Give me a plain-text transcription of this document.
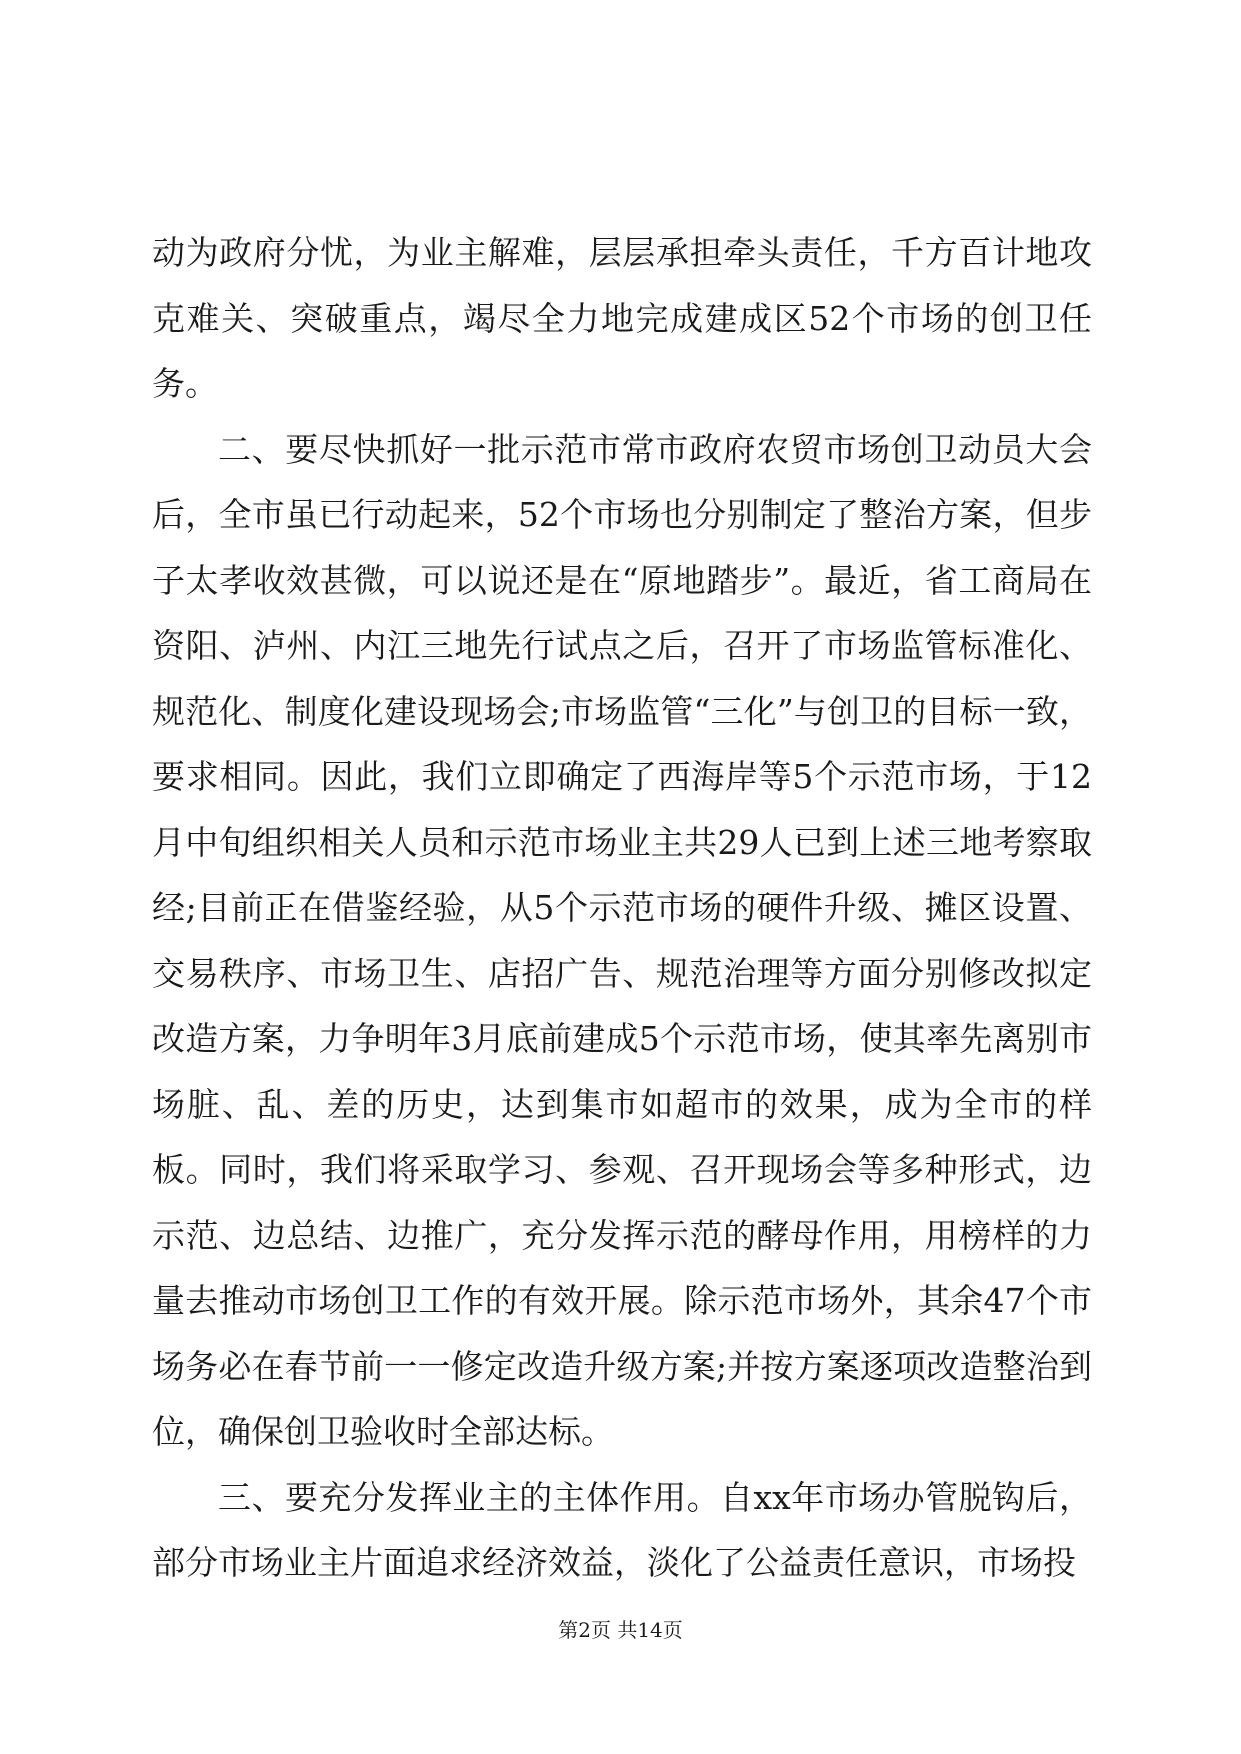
动为政府分忧，为业主解难，层层承担牵头责任，千方百计地攻克难关、突破重点，竭尽全力地完成建成区52个市场的创卫任务。

二、要尽快抓好一批示范市常市政府农贸市场创卫动员大会后，全市虽已行动起来，52个市场也分别制定了整治方案，但步子太孝收效甚微，可以说还是在“原地踏步”。最近，省工商局在资阳、泸州、内江三地先行试点之后，召开了市场监管标准化、规范化、制度化建设现场会;市场监管“三化”与创卫的目标一致，要求相同。因此，我们立即确定了西海岸等5个示范市场，于12月中旬组织相关人员和示范市场业主共29人已到上述三地考察取经;目前正在借鉴经验，从5个示范市场的硬件升级、摊区设置、交易秩序、市场卫生、店招广告、规范治理等方面分别修改拟定改造方案，力争明年3月底前建成5个示范市场，使其率先离别市场脏、乱、差的历史，达到集市如超市的效果，成为全市的样板。同时，我们将采取学习、参观、召开现场会等多种形式，边示范、边总结、边推广，充分发挥示范的酵母作用，用榜样的力量去推动市场创卫工作的有效开展。除示范市场外，其余47个市场务必在春节前一一修定改造升级方案;并按方案逐项改造整治到位，确保创卫验收时全部达标。

三、要充分发挥业主的主体作用。自xx年市场办管脱钩后，部分市场业主片面追求经济效益，淡化了公益责任意识，市场投

第2页 共14页
